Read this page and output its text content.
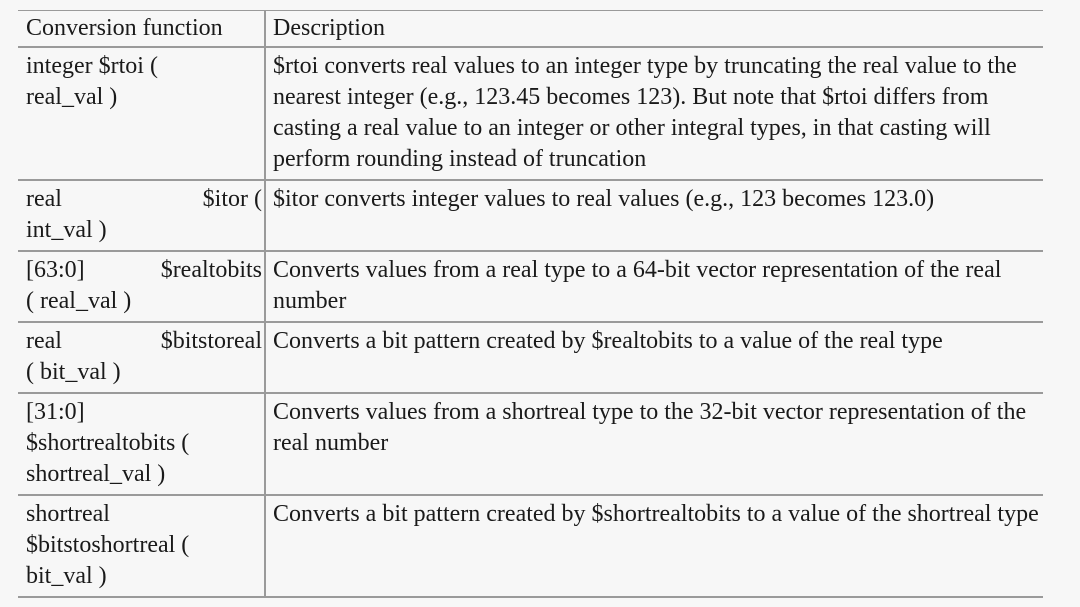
Conversion function	Description

integer $rtoi (
real_val )	$rtoi converts real values to an integer type by truncating the real value to the nearest integer (e.g., 123.45 becomes 123). But note that $rtoi differs from casting a real value to an integer or other integral types, in that casting will perform rounding instead of truncation

real $itor (
int_val )	$itor converts integer values to real values (e.g., 123 becomes 123.0)

[63:0] $realtobits
( real_val )	Converts values from a real type to a 64-bit vector representation of the real number

real $bitstoreal
( bit_val )	Converts a bit pattern created by $realtobits to a value of the real type

[31:0]
$shortrealtobits (
shortreal_val )	Converts values from a shortreal type to the 32-bit vector representation of the real number

shortreal
$bitstoshortreal (
bit_val )	Converts a bit pattern created by $shortrealtobits to a value of the shortreal type
